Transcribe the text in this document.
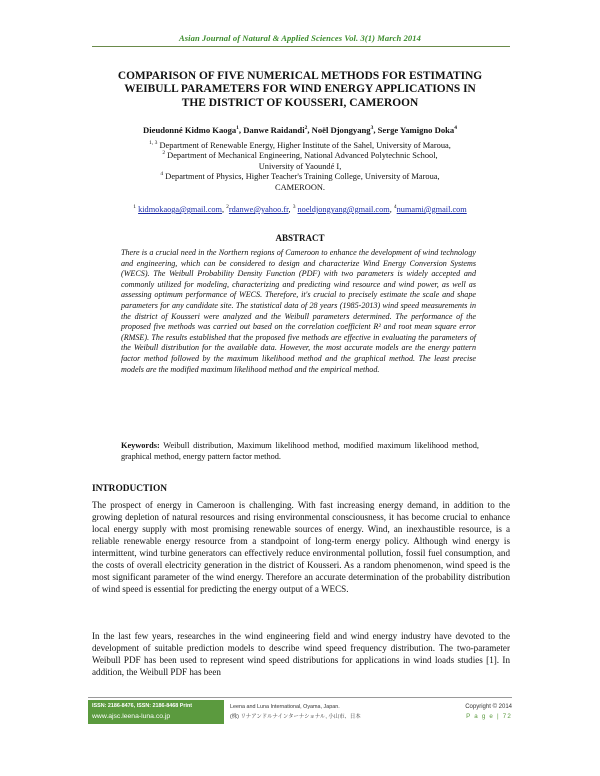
Asian Journal of Natural & Applied Sciences Vol. 3(1) March 2014
COMPARISON OF FIVE NUMERICAL METHODS FOR ESTIMATING
WEIBULL PARAMETERS FOR WIND ENERGY APPLICATIONS IN
THE DISTRICT OF KOUSSERI, CAMEROON
Dieudonné Kidmo Kaoga$^1$, Danwe Raidandi$^2$, Noël Djongyang$^3$, Serge Yamigno Doka$^4$
$^{1, 3}$ Department of Renewable Energy, Higher Institute of the Sahel, University of Maroua,
$^2$ Department of Mechanical Engineering, National Advanced Polytechnic School,
University of Yaoundé I,
$^4$ Department of Physics, Higher Teacher's Training College, University of Maroua,
CAMEROON.
$^1$ kidmokaoga@gmail.com, $^2$rdanwe@yahoo.fr, $^3$ noeldjongyang@gmail.com, $^4$numami@gmail.com
ABSTRACT

There is a crucial need in the Northern regions of Cameroon to enhance the development of wind technology and engineering, which can be considered to design and characterize Wind Energy Conversion Systems (WECS). The Weibull Probability Density Function (PDF) with two parameters is widely accepted and commonly utilized for modeling, characterizing and predicting wind resource and wind power, as well as assessing optimum performance of WECS. Therefore, it's crucial to precisely estimate the scale and shape parameters for any candidate site. The statistical data of 28 years (1985-2013) wind speed measurements in the district of Kousseri were analyzed and the Weibull parameters determined. The performance of the proposed five methods was carried out based on the correlation coefficient R² and root mean square error (RMSE). The results established that the proposed five methods are effective in evaluating the parameters of the Weibull distribution for the available data. However, the most accurate models are the energy pattern factor method followed by the maximum likelihood method and the graphical method. The least precise models are the modified maximum likelihood method and the empirical method.

Keywords: Weibull distribution, Maximum likelihood method, modified maximum likelihood method, graphical method, energy pattern factor method.

INTRODUCTION

The prospect of energy in Cameroon is challenging. With fast increasing energy demand, in addition to the growing depletion of natural resources and rising environmental consciousness, it has become crucial to enhance local energy supply with most promising renewable sources of energy. Wind, an inexhaustible resource, is a reliable renewable energy resource from a standpoint of long-term energy policy. Although wind energy is intermittent, wind turbine generators can effectively reduce environmental pollution, fossil fuel consumption, and the costs of overall electricity generation in the district of Kousseri. As a random phenomenon, wind speed is the most significant parameter of the wind energy. Therefore an accurate determination of the probability distribution of wind speed is essential for predicting the energy output of a WECS.

In the last few years, researches in the wind engineering field and wind energy industry have devoted to the development of suitable prediction models to describe wind speed frequency distribution. The two-parameter Weibull PDF has been used to represent wind speed distributions for applications in wind loads studies [1]. In addition, the Weibull PDF has been

ISSN: 2186-8476, ISSN: 2186-8468 Print
www.ajsc.leena-luna.co.jp
Leena and Luna International, Oyama, Japan.
(株) リナアンドルナインターナショナル, 小山市、日本
Copyright © 2014
P a g e | 72
